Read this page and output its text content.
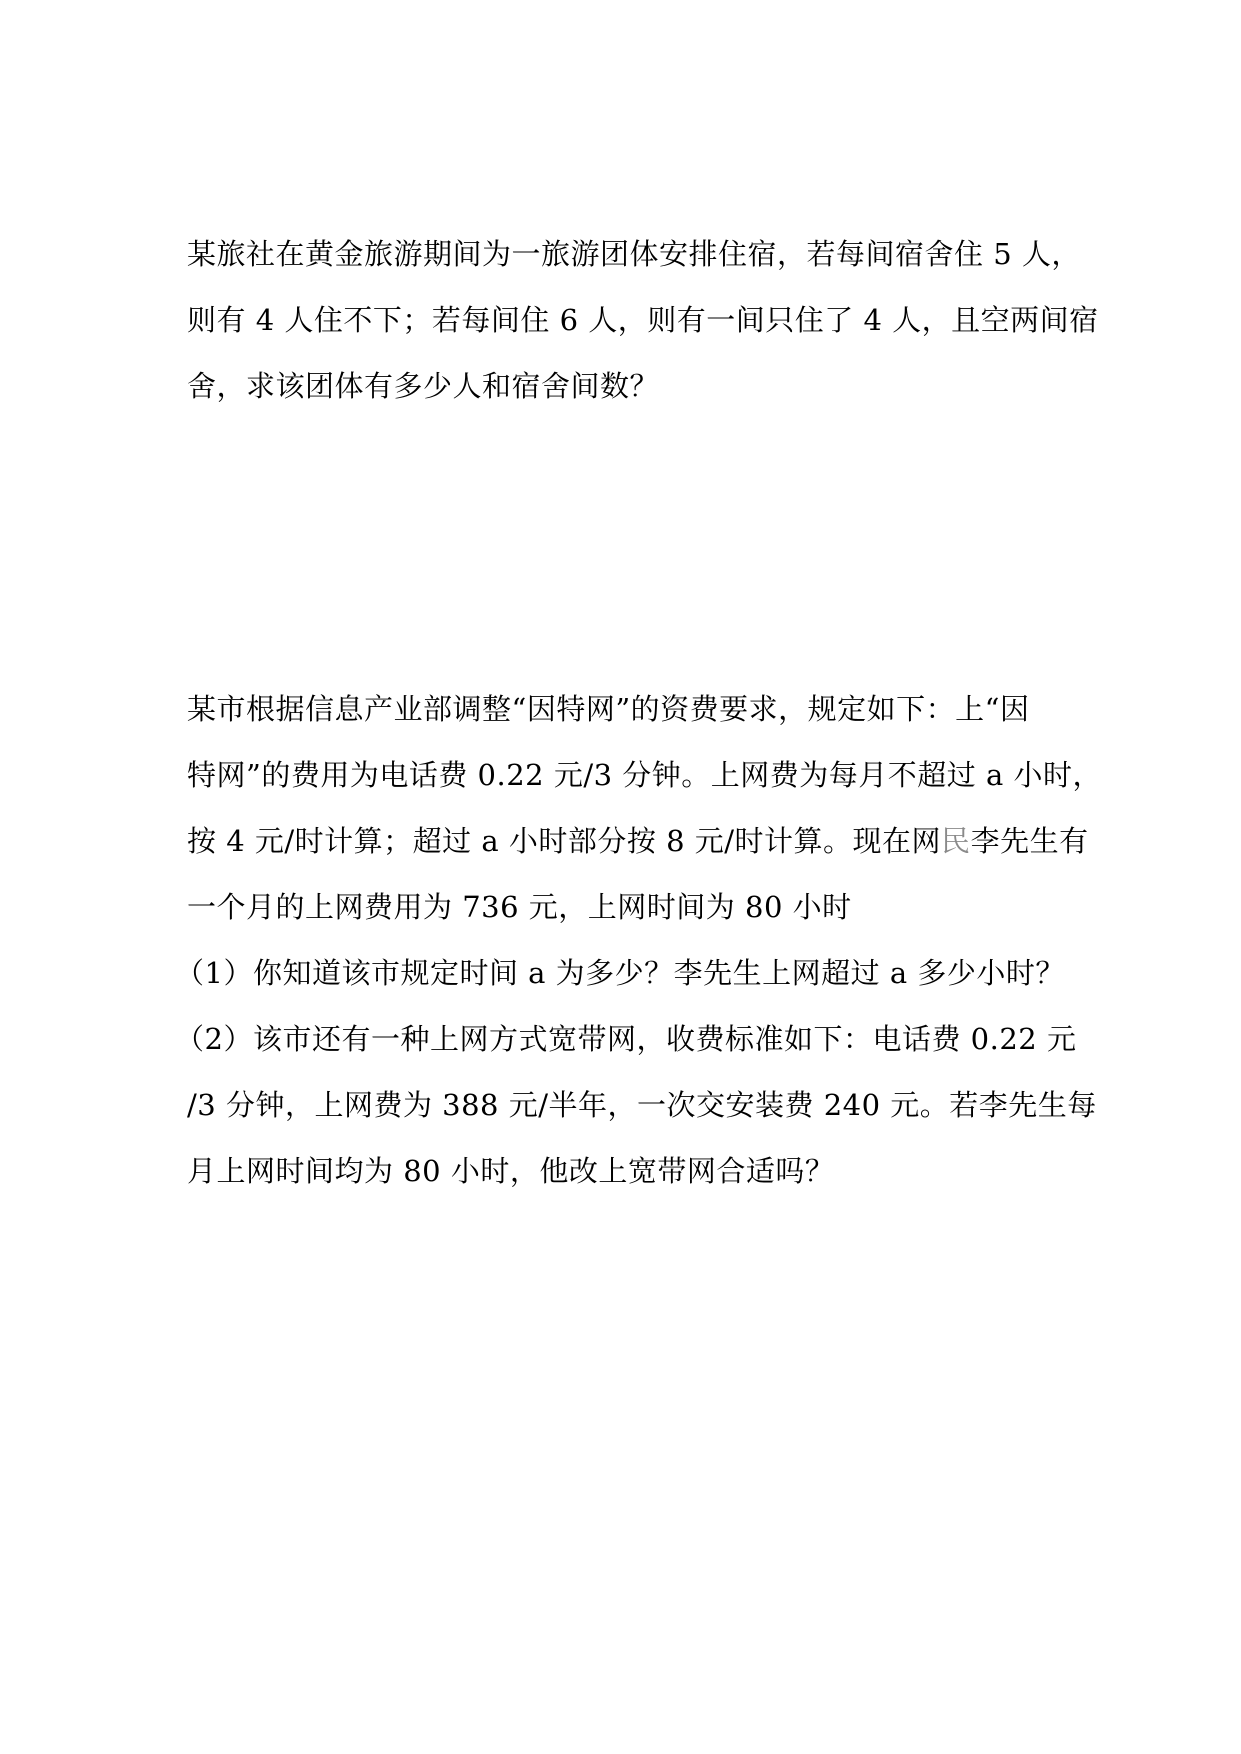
某旅社在黄金旅游期间为一旅游团体安排住宿，若每间宿舍住 5 人，
则有 4 人住不下；若每间住 6 人，则有一间只住了 4 人，且空两间宿
舍，求该团体有多少人和宿舍间数？
某市根据信息产业部调整“因特网”的资费要求，规定如下：上“因
特网”的费用为电话费 0.22 元/3 分钟。上网费为每月不超过 a 小时，
按 4 元/时计算；超过 a 小时部分按 8 元/时计算。现在网民李先生有
一个月的上网费用为 736 元，上网时间为 80 小时
（1）你知道该市规定时间 a 为多少？李先生上网超过 a 多少小时？
（2）该市还有一种上网方式宽带网，收费标准如下：电话费 0.22 元
/3 分钟，上网费为 388 元/半年，一次交安装费 240 元。若李先生每
月上网时间均为 80 小时，他改上宽带网合适吗？
